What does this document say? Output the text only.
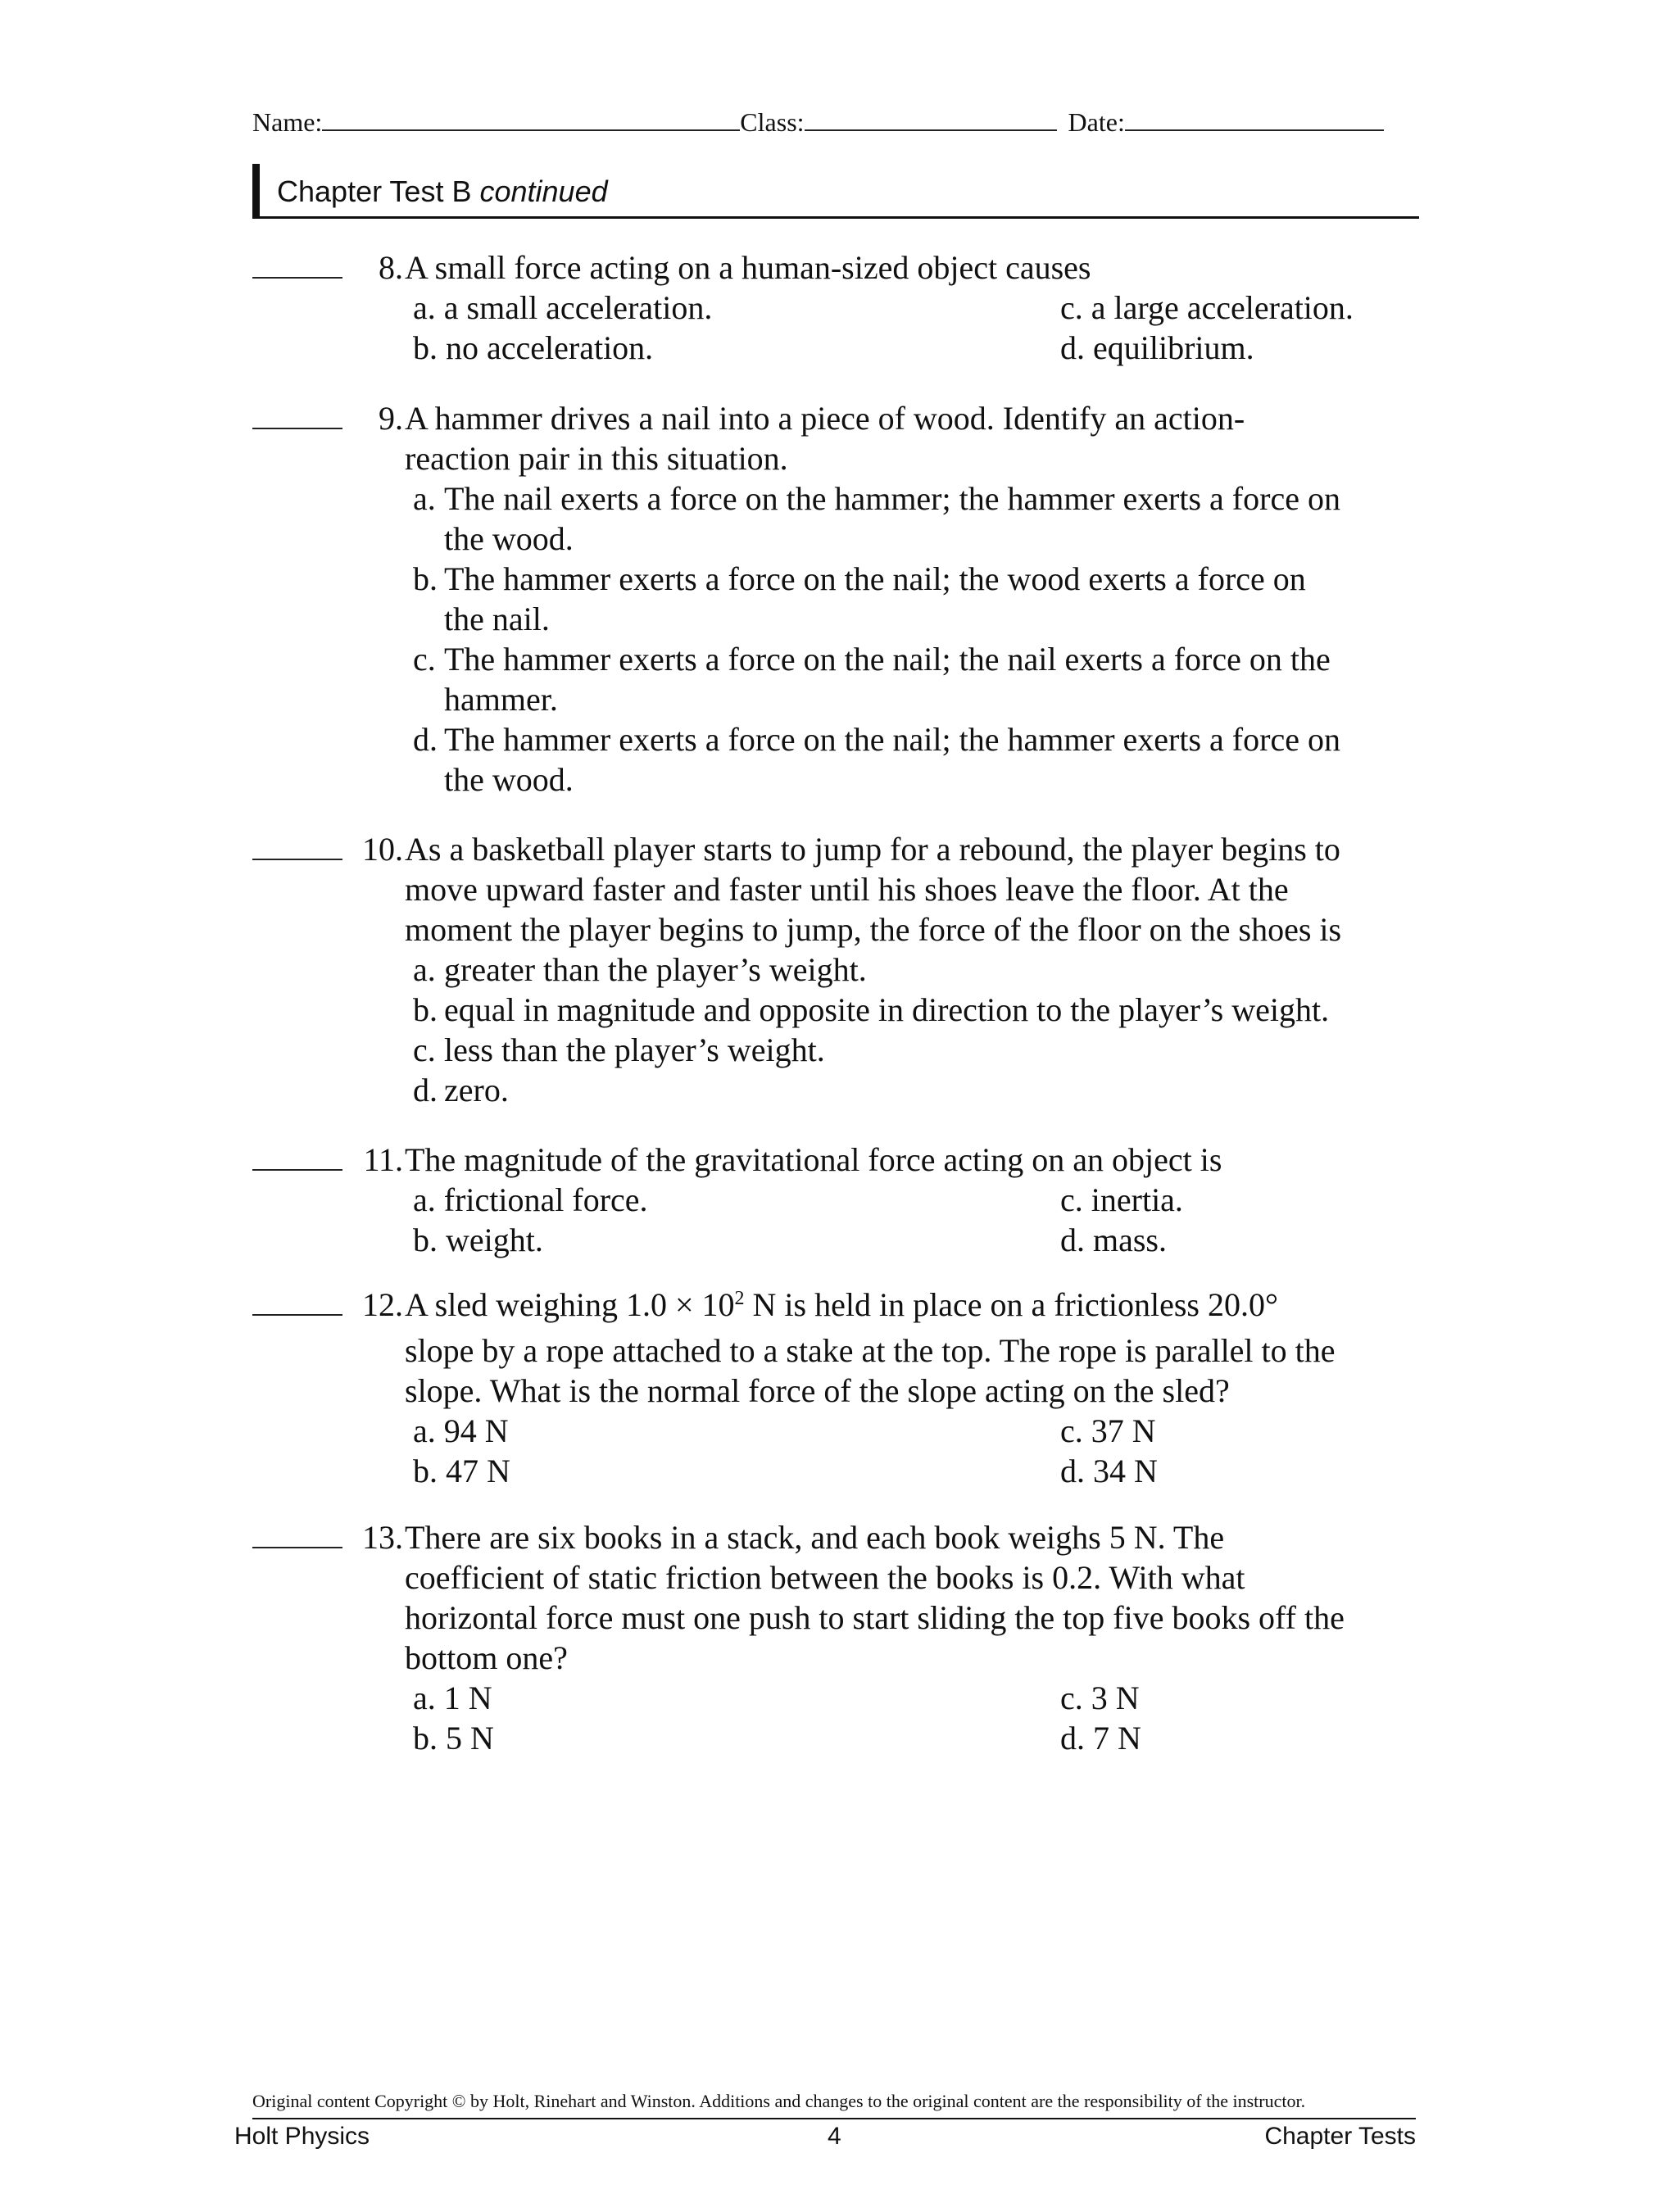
Name:	Class:	Date:
Chapter Test B continued
8. A small force acting on a human-sized object causes
a. a small acceleration.	c. a large acceleration.
b. no acceleration.	d. equilibrium.
9. A hammer drives a nail into a piece of wood. Identify an action-
reaction pair in this situation.
a. The nail exerts a force on the hammer; the hammer exerts a force on
the wood.
b. The hammer exerts a force on the nail; the wood exerts a force on
the nail.
c. The hammer exerts a force on the nail; the nail exerts a force on the
hammer.
d. The hammer exerts a force on the nail; the hammer exerts a force on
the wood.
10. As a basketball player starts to jump for a rebound, the player begins to
move upward faster and faster until his shoes leave the floor. At the
moment the player begins to jump, the force of the floor on the shoes is
a. greater than the player’s weight.
b. equal in magnitude and opposite in direction to the player’s weight.
c. less than the player’s weight.
d. zero.
11. The magnitude of the gravitational force acting on an object is
a. frictional force.	c. inertia.
b. weight.	d. mass.
12. A sled weighing $1.0 \times 10^2$ N is held in place on a frictionless 20.0°
slope by a rope attached to a stake at the top. The rope is parallel to the
slope. What is the normal force of the slope acting on the sled?
a. 94 N	c. 37 N
b. 47 N	d. 34 N
13. There are six books in a stack, and each book weighs 5 N. The
coefficient of static friction between the books is 0.2. With what
horizontal force must one push to start sliding the top five books off the
bottom one?
a. 1 N	c. 3 N
b. 5 N	d. 7 N
Original content Copyright © by Holt, Rinehart and Winston. Additions and changes to the original content are the responsibility of the instructor.
Holt Physics	4	Chapter Tests
